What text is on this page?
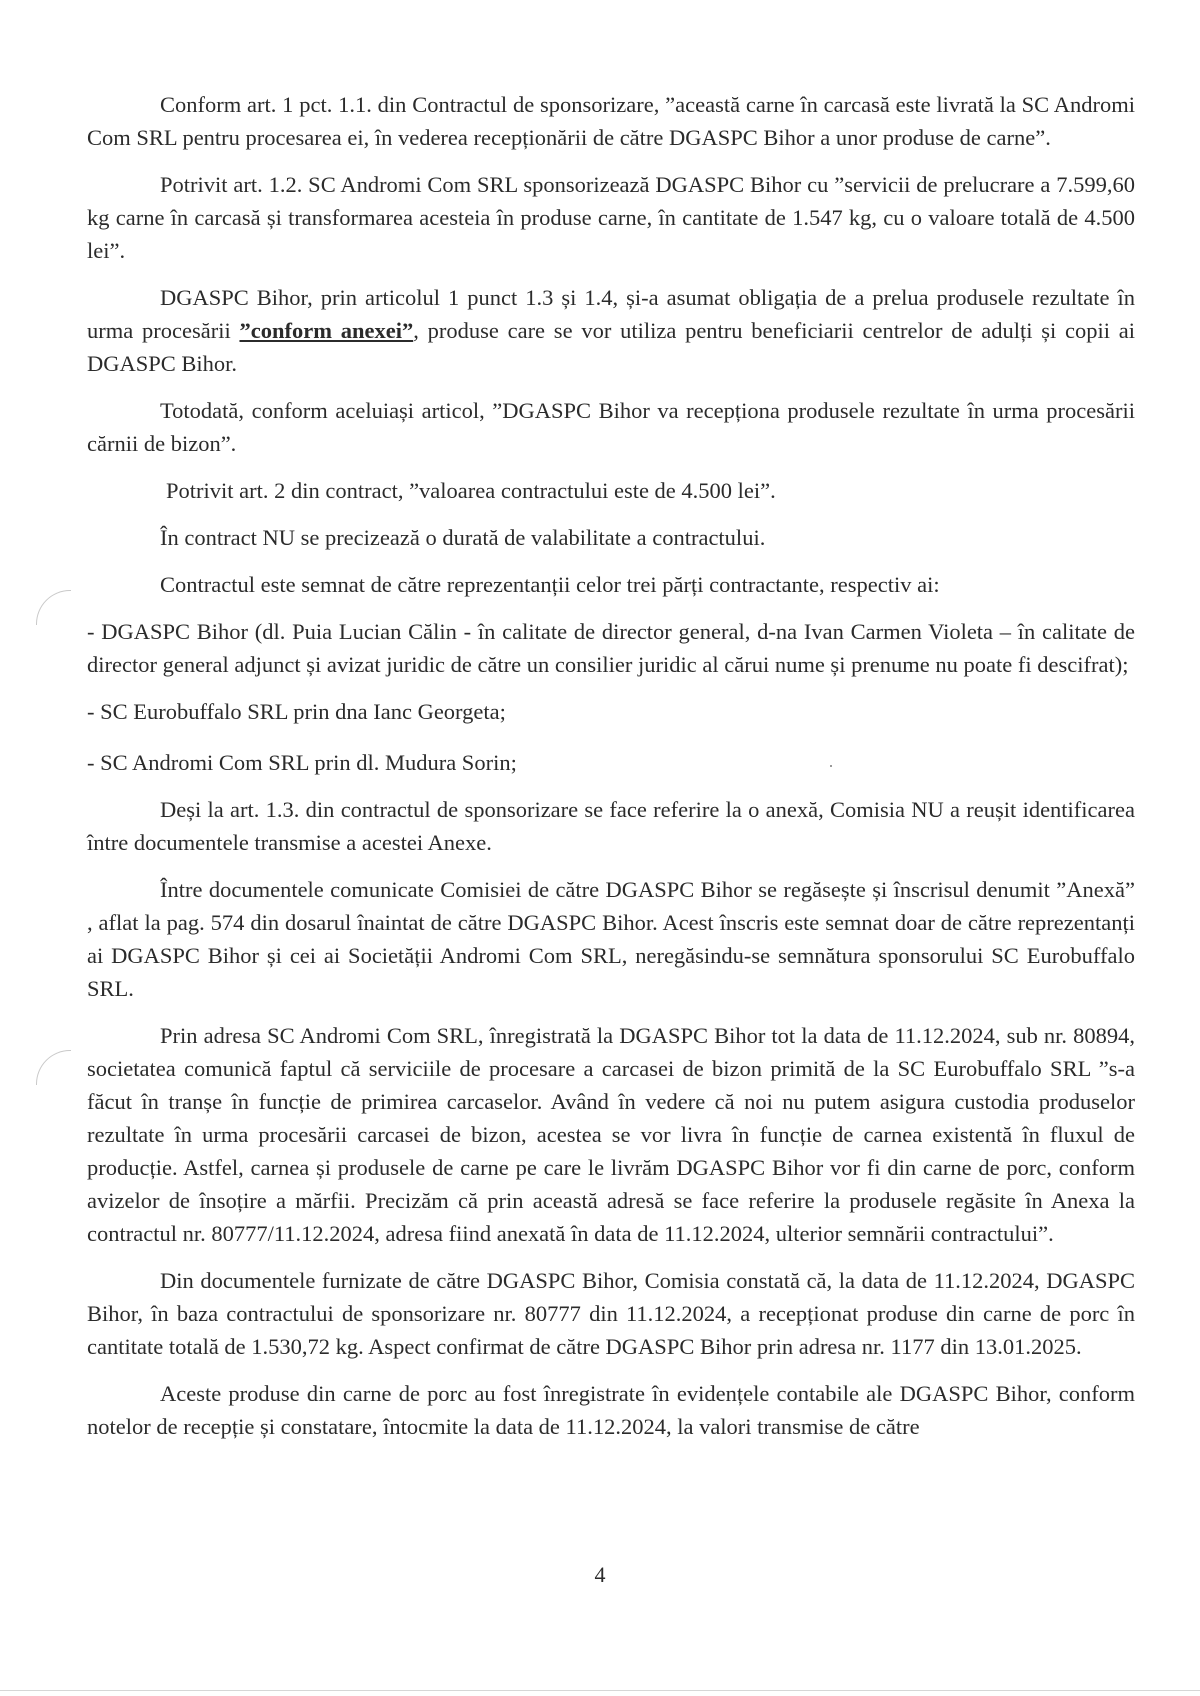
Conform art. 1 pct. 1.1. din Contractul de sponsorizare, ”această carne în carcasă este livrată la SC Andromi Com SRL pentru procesarea ei, în vederea recepționării de către DGASPC Bihor a unor produse de carne”.

Potrivit art. 1.2. SC Andromi Com SRL sponsorizează DGASPC Bihor cu ”servicii de prelucrare a 7.599,60 kg carne în carcasă și transformarea acesteia în produse carne, în cantitate de 1.547 kg, cu o valoare totală de 4.500 lei”.

DGASPC Bihor, prin articolul 1 punct 1.3 și 1.4, și-a asumat obligația de a prelua produsele rezultate în urma procesării ”conform anexei”, produse care se vor utiliza pentru beneficiarii centrelor de adulți și copii ai DGASPC Bihor.

Totodată, conform aceluiași articol, ”DGASPC Bihor va recepționa produsele rezultate în urma procesării cărnii de bizon”.

Potrivit art. 2 din contract, ”valoarea contractului este de 4.500 lei”.

În contract NU se precizează o durată de valabilitate a contractului.

Contractul este semnat de către reprezentanții celor trei părți contractante, respectiv ai:

- DGASPC Bihor (dl. Puia Lucian Călin - în calitate de director general, d-na Ivan Carmen Violeta – în calitate de director general adjunct și avizat juridic de către un consilier juridic al cărui nume și prenume nu poate fi descifrat);

- SC Eurobuffalo SRL prin dna Ianc Georgeta;

- SC Andromi Com SRL prin dl. Mudura Sorin;

Deși la art. 1.3. din contractul de sponsorizare se face referire la o anexă, Comisia NU a reușit identificarea între documentele transmise a acestei Anexe.

Între documentele comunicate Comisiei de către DGASPC Bihor se regăsește și înscrisul denumit ”Anexă” , aflat la pag. 574 din dosarul înaintat de către DGASPC Bihor. Acest înscris este semnat doar de către reprezentanți ai DGASPC Bihor și cei ai Societății Andromi Com SRL, neregăsindu-se semnătura sponsorului SC Eurobuffalo SRL.

Prin adresa SC Andromi Com SRL, înregistrată la DGASPC Bihor tot la data de 11.12.2024, sub nr. 80894, societatea comunică faptul că serviciile de procesare a carcasei de bizon primită de la SC Eurobuffalo SRL ”s-a făcut în tranșe în funcție de primirea carcaselor. Având în vedere că noi nu putem asigura custodia produselor rezultate în urma procesării carcasei de bizon, acestea se vor livra în funcție de carnea existentă în fluxul de producție. Astfel, carnea și produsele de carne pe care le livrăm DGASPC Bihor vor fi din carne de porc, conform avizelor de însoțire a mărfii. Precizăm că prin această adresă se face referire la produsele regăsite în Anexa la contractul nr. 80777/11.12.2024, adresa fiind anexată în data de 11.12.2024, ulterior semnării contractului”.

Din documentele furnizate de către DGASPC Bihor, Comisia constată că, la data de 11.12.2024, DGASPC Bihor, în baza contractului de sponsorizare nr. 80777 din 11.12.2024, a recepționat produse din carne de porc în cantitate totală de 1.530,72 kg. Aspect confirmat de către DGASPC Bihor prin adresa nr. 1177 din 13.01.2025.

Aceste produse din carne de porc au fost înregistrate în evidențele contabile ale DGASPC Bihor, conform notelor de recepție și constatare, întocmite la data de 11.12.2024, la valori transmise de către

4
